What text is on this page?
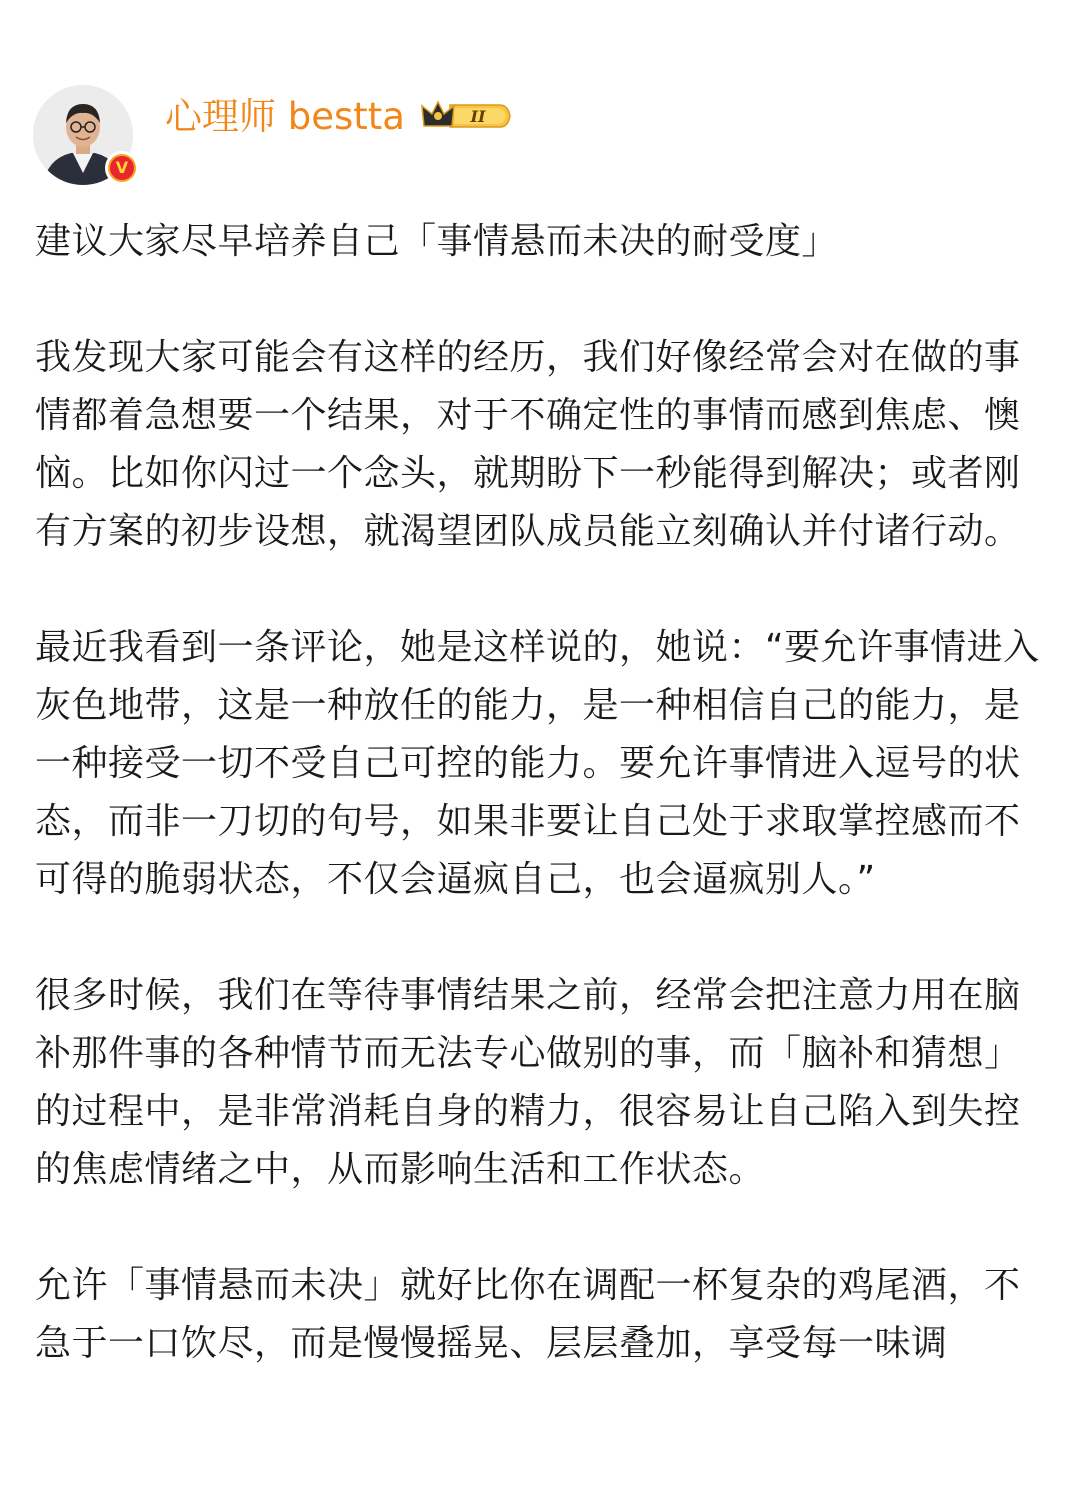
V
心理师 bestta	II

建议大家尽早培养自己「事情悬而未决的耐受度」

我发现大家可能会有这样的经历，我们好像经常会对在做的事情都着急想要一个结果，对于不确定性的事情而感到焦虑、懊恼。比如你闪过一个念头，就期盼下一秒能得到解决；或者刚有方案的初步设想，就渴望团队成员能立刻确认并付诸行动。

最近我看到一条评论，她是这样说的，她说：“要允许事情进入灰色地带，这是一种放任的能力，是一种相信自己的能力，是一种接受一切不受自己可控的能力。要允许事情进入逗号的状态，而非一刀切的句号，如果非要让自己处于求取掌控感而不可得的脆弱状态，不仅会逼疯自己，也会逼疯别人。”

很多时候，我们在等待事情结果之前，经常会把注意力用在脑补那件事的各种情节而无法专心做别的事，而「脑补和猜想」的过程中，是非常消耗自身的精力，很容易让自己陷入到失控的焦虑情绪之中，从而影响生活和工作状态。

允许「事情悬而未决」就好比你在调配一杯复杂的鸡尾酒，不急于一口饮尽，而是慢慢摇晃、层层叠加，享受每一味调
